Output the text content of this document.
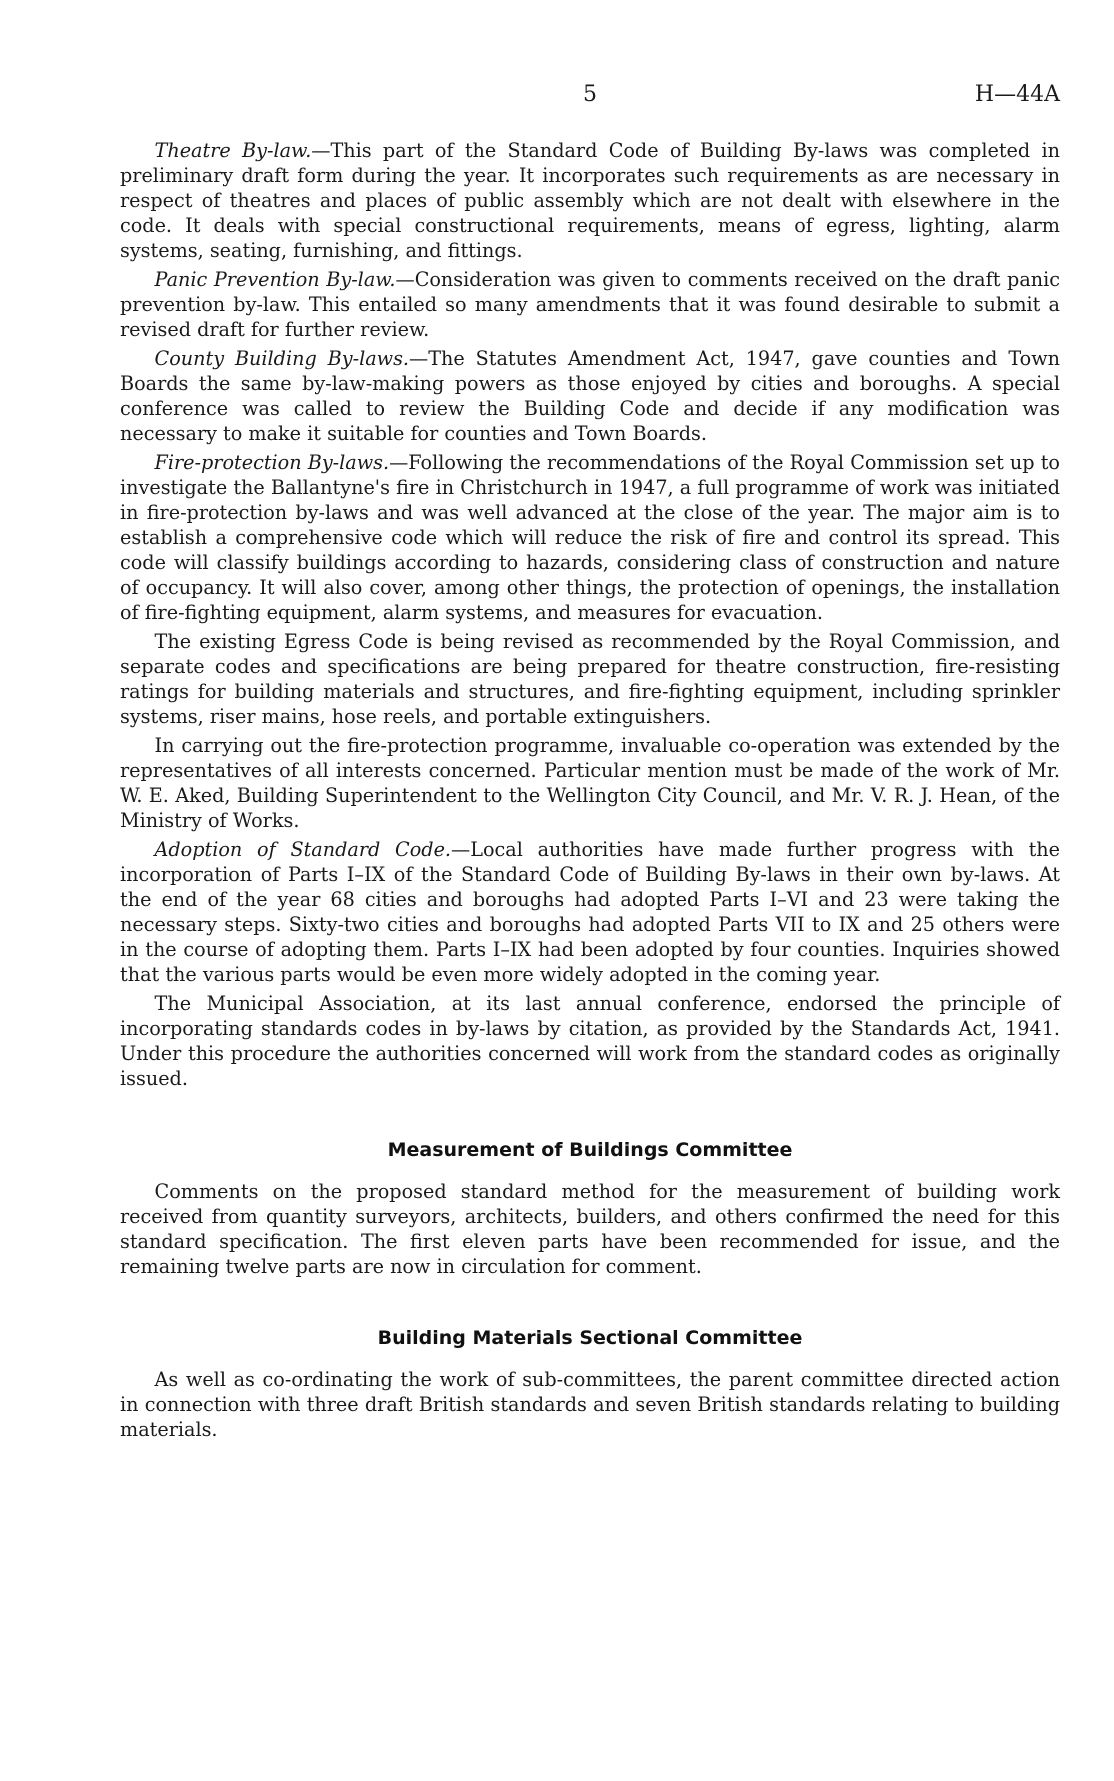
5	H—44A

Theatre By-law.—This part of the Standard Code of Building By-laws was completed in preliminary draft form during the year. It incorporates such requirements as are necessary in respect of theatres and places of public assembly which are not dealt with elsewhere in the code. It deals with special constructional requirements, means of egress, lighting, alarm systems, seating, furnishing, and fittings.

Panic Prevention By-law.—Consideration was given to comments received on the draft panic prevention by-law. This entailed so many amendments that it was found desirable to submit a revised draft for further review.

County Building By-laws.—The Statutes Amendment Act, 1947, gave counties and Town Boards the same by-law-making powers as those enjoyed by cities and boroughs. A special conference was called to review the Building Code and decide if any modification was necessary to make it suitable for counties and Town Boards.

Fire-protection By-laws.—Following the recommendations of the Royal Commission set up to investigate the Ballantyne's fire in Christchurch in 1947, a full programme of work was initiated in fire-protection by-laws and was well advanced at the close of the year. The major aim is to establish a comprehensive code which will reduce the risk of fire and control its spread. This code will classify buildings according to hazards, considering class of construction and nature of occupancy. It will also cover, among other things, the protection of openings, the installation of fire-fighting equipment, alarm systems, and measures for evacuation.

The existing Egress Code is being revised as recommended by the Royal Commission, and separate codes and specifications are being prepared for theatre construction, fire-resisting ratings for building materials and structures, and fire-fighting equipment, including sprinkler systems, riser mains, hose reels, and portable extinguishers.

In carrying out the fire-protection programme, invaluable co-operation was extended by the representatives of all interests concerned. Particular mention must be made of the work of Mr. W. E. Aked, Building Superintendent to the Wellington City Council, and Mr. V. R. J. Hean, of the Ministry of Works.

Adoption of Standard Code.—Local authorities have made further progress with the incorporation of Parts I–IX of the Standard Code of Building By-laws in their own by-laws. At the end of the year 68 cities and boroughs had adopted Parts I–VI and 23 were taking the necessary steps. Sixty-two cities and boroughs had adopted Parts VII to IX and 25 others were in the course of adopting them. Parts I–IX had been adopted by four counties. Inquiries showed that the various parts would be even more widely adopted in the coming year.

The Municipal Association, at its last annual conference, endorsed the principle of incorporating standards codes in by-laws by citation, as provided by the Standards Act, 1941. Under this procedure the authorities concerned will work from the standard codes as originally issued.

Measurement of Buildings Committee

Comments on the proposed standard method for the measurement of building work received from quantity surveyors, architects, builders, and others confirmed the need for this standard specification. The first eleven parts have been recommended for issue, and the remaining twelve parts are now in circulation for comment.

Building Materials Sectional Committee

As well as co-ordinating the work of sub-committees, the parent committee directed action in connection with three draft British standards and seven British standards relating to building materials.
